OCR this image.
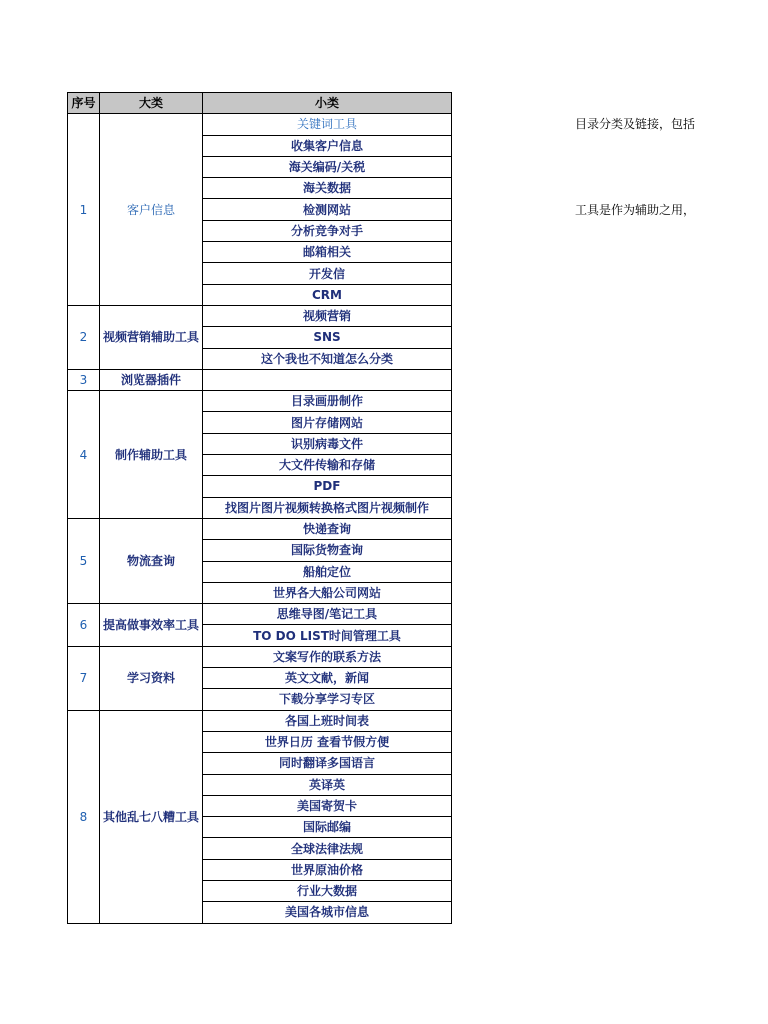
序号	大类	小类
1	客户信息	关键词工具
		收集客户信息
		海关编码/关税
		海关数据
		检测网站
		分析竞争对手
		邮箱相关
		开发信
		CRM
2	视频营销辅助工具	视频营销
		SNS
		这个我也不知道怎么分类
3	浏览器插件	
4	制作辅助工具	目录画册制作
		图片存储网站
		识别病毒文件
		大文件传输和存储
		PDF
		找图片图片视频转换格式图片视频制作
5	物流查询	快递查询
		国际货物查询
		船舶定位
		世界各大船公司网站
6	提高做事效率工具	思维导图/笔记工具
		TO DO LIST时间管理工具
7	学习资料	文案写作的联系方法
		英文文献，新闻
		下载分享学习专区
8	其他乱七八糟工具	各国上班时间表
		世界日历 查看节假方便
		同时翻译多国语言
		英译英
		美国寄贺卡
		国际邮编
		全球法律法规
		世界原油价格
		行业大数据
		美国各城市信息
目录分类及链接，包括
工具是作为辅助之用，
